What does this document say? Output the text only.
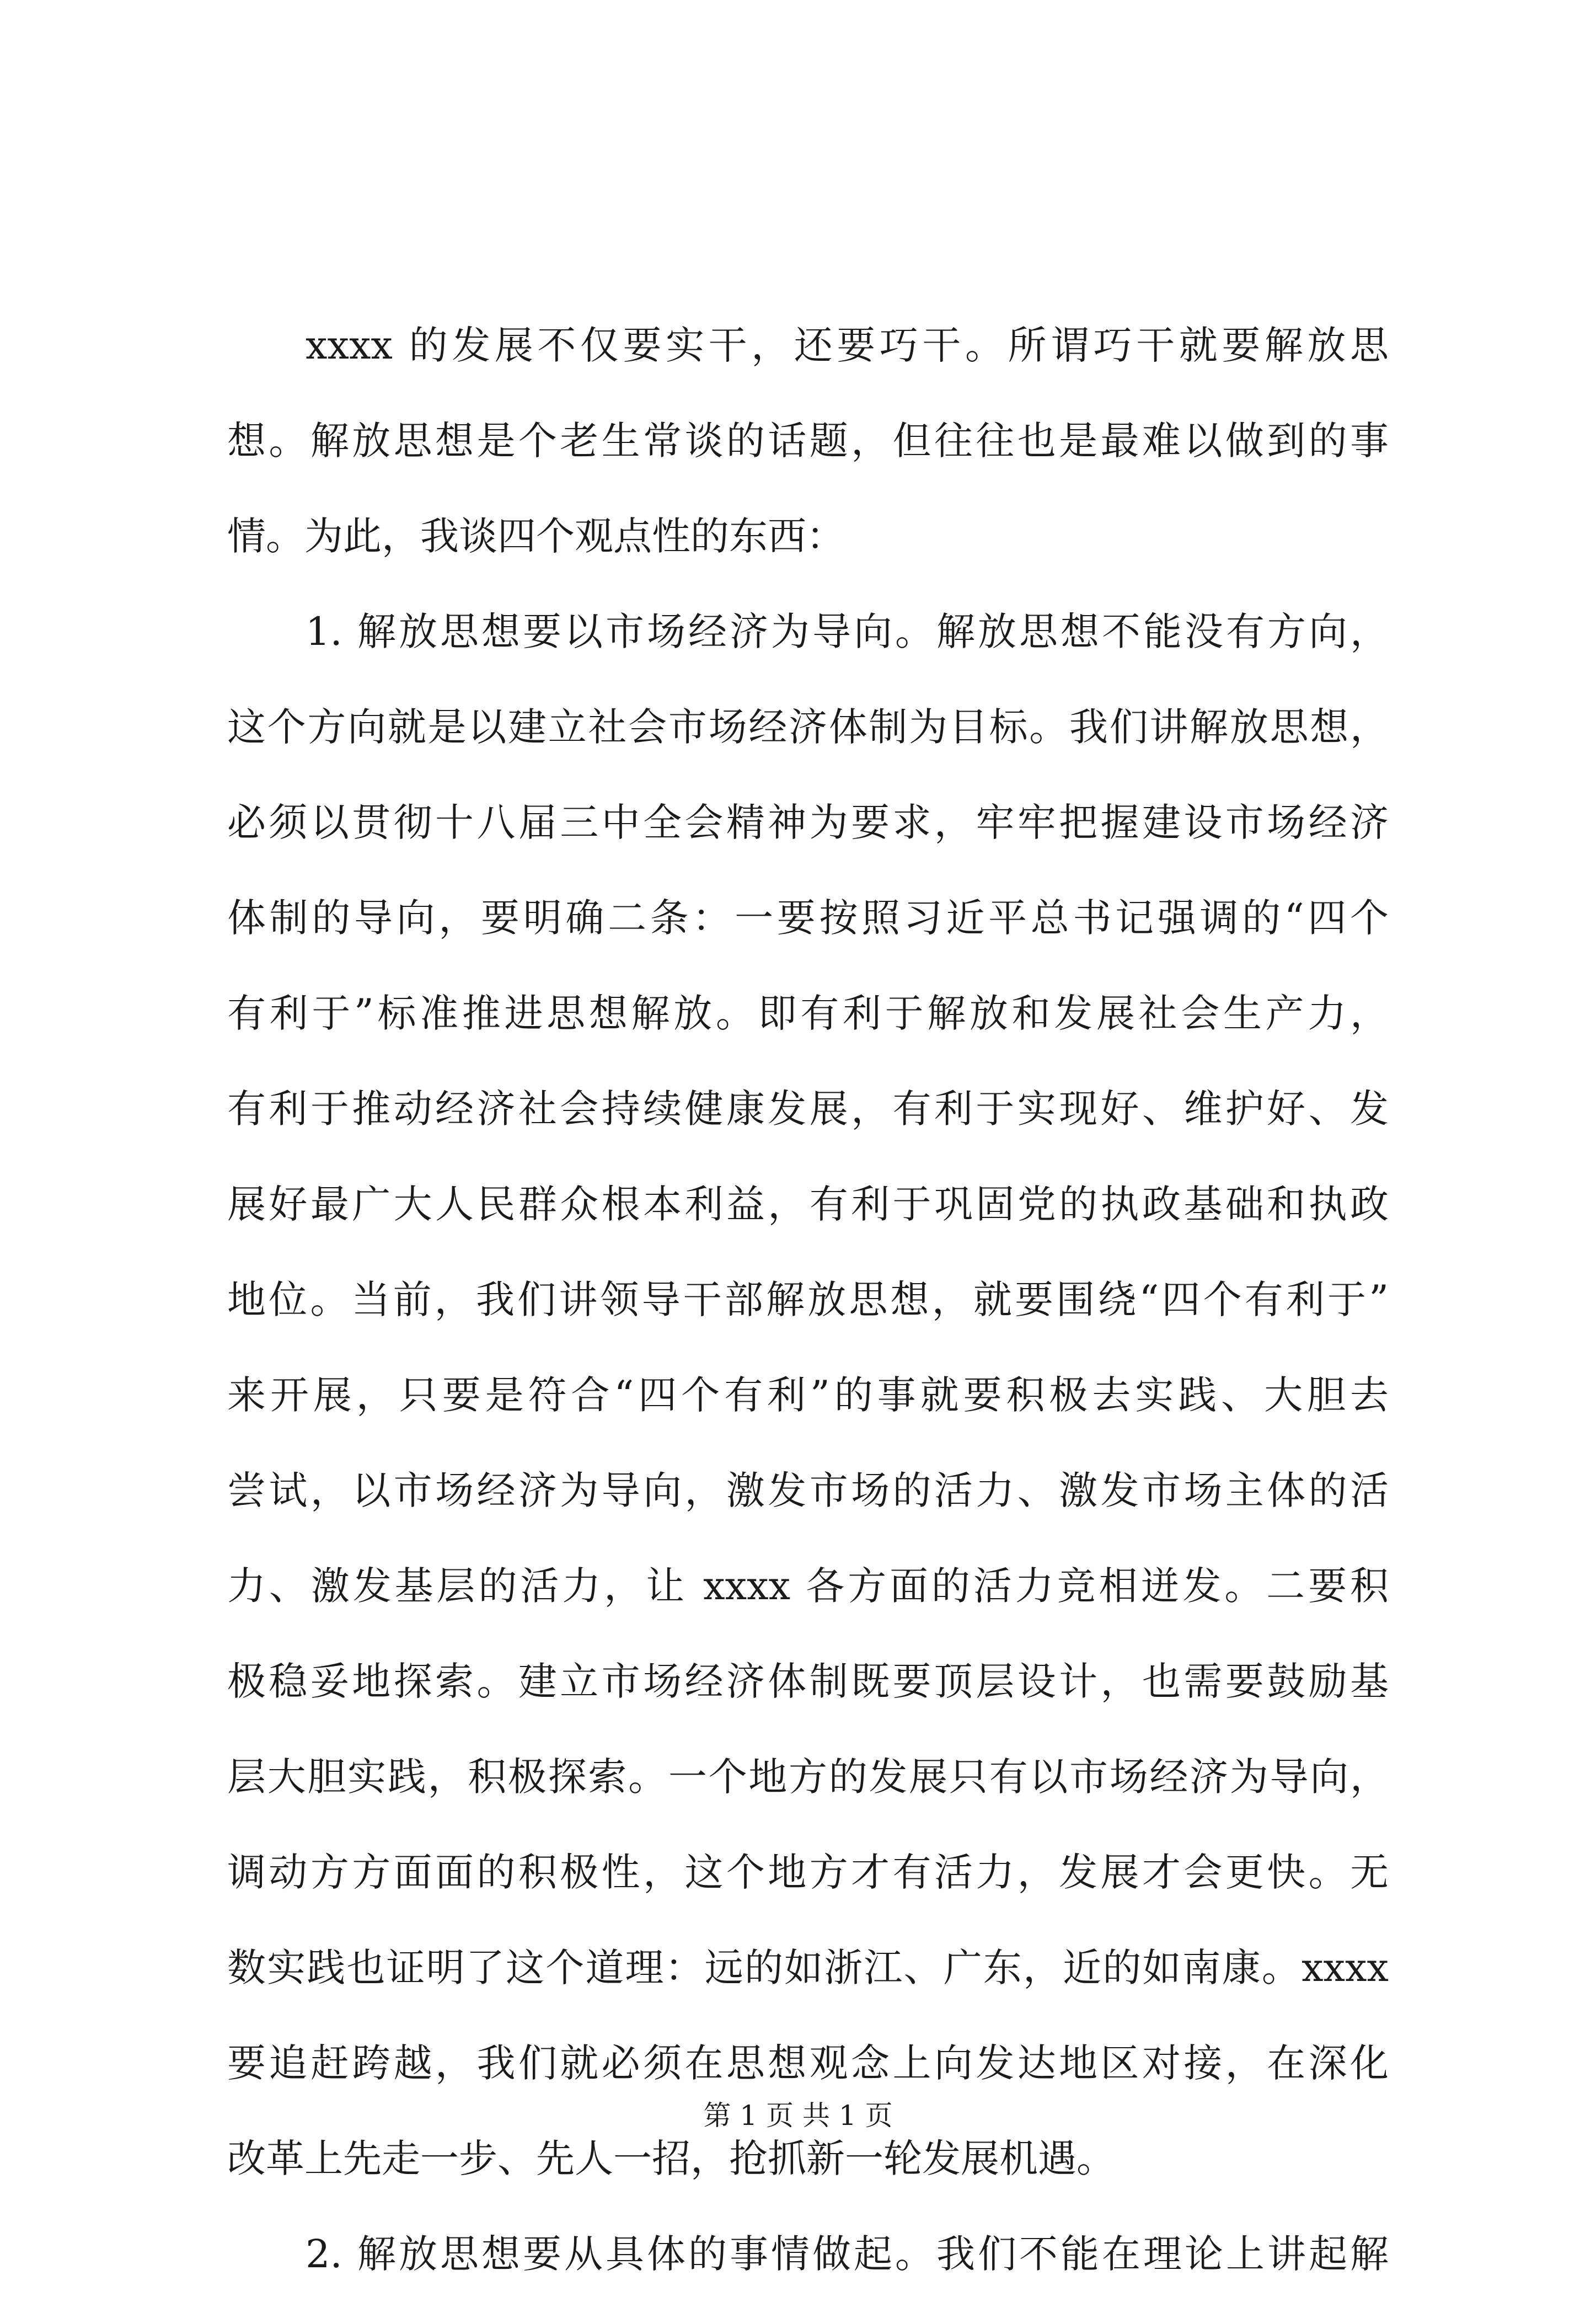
xxxx 的发展不仅要实干，还要巧干。所谓巧干就要解放思
想。解放思想是个老生常谈的话题，但往往也是最难以做到的事
情。为此，我谈四个观点性的东西：
1. 解放思想要以市场经济为导向。解放思想不能没有方向，
这个方向就是以建立社会市场经济体制为目标。我们讲解放思想，
必须以贯彻十八届三中全会精神为要求，牢牢把握建设市场经济
体制的导向，要明确二条：一要按照习近平总书记强调的“四个
有利于”标准推进思想解放。即有利于解放和发展社会生产力，
有利于推动经济社会持续健康发展，有利于实现好、维护好、发
展好最广大人民群众根本利益，有利于巩固党的执政基础和执政
地位。当前，我们讲领导干部解放思想，就要围绕“四个有利于”
来开展，只要是符合“四个有利”的事就要积极去实践、大胆去
尝试，以市场经济为导向，激发市场的活力、激发市场主体的活
力、激发基层的活力，让 xxxx 各方面的活力竞相迸发。二要积
极稳妥地探索。建立市场经济体制既要顶层设计，也需要鼓励基
层大胆实践，积极探索。一个地方的发展只有以市场经济为导向，
调动方方面面的积极性，这个地方才有活力，发展才会更快。无
数实践也证明了这个道理：远的如浙江、广东，近的如南康。xxxx
要追赶跨越，我们就必须在思想观念上向发达地区对接，在深化
改革上先走一步、先人一招，抢抓新一轮发展机遇。
2. 解放思想要从具体的事情做起。我们不能在理论上讲起解
第 1 页 共 1 页
